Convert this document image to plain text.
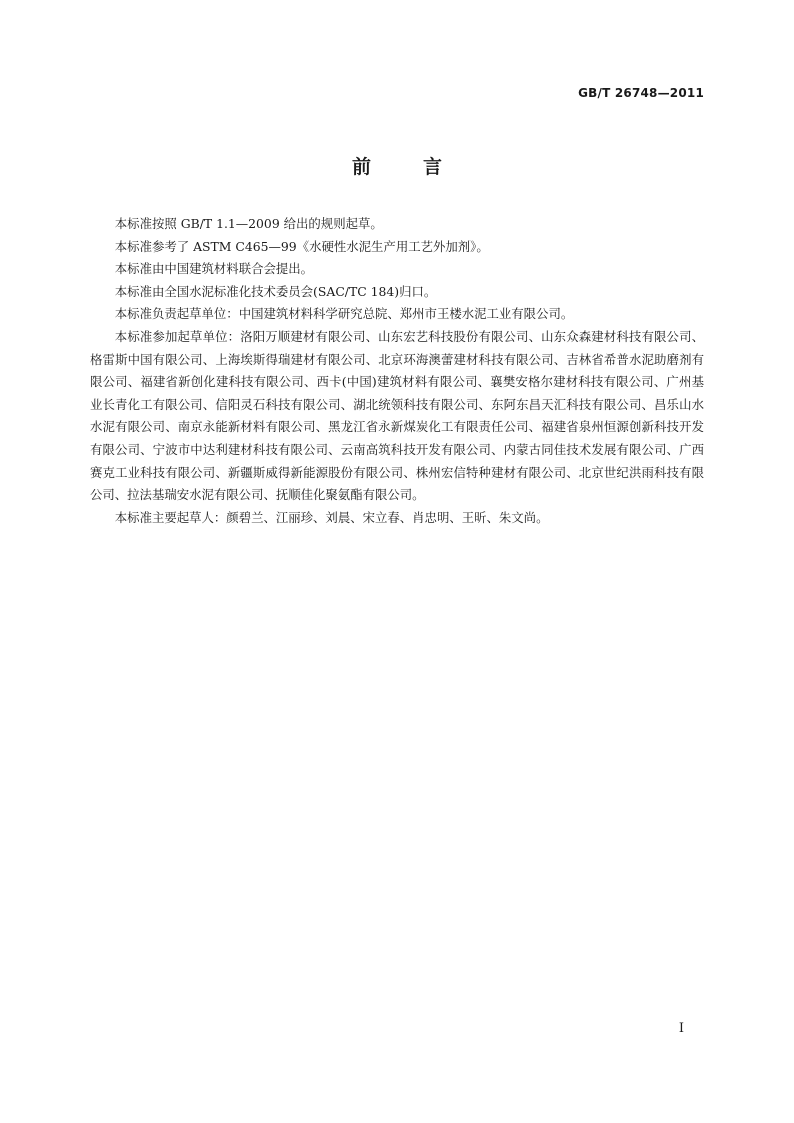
GB/T 26748—2011
前言

本标准按照 GB/T 1.1—2009 给出的规则起草。

本标准参考了 ASTM C465—99《水硬性水泥生产用工艺外加剂》。

本标准由中国建筑材料联合会提出。

本标准由全国水泥标准化技术委员会(SAC/TC 184)归口。

本标准负责起草单位：中国建筑材料科学研究总院、郑州市王楼水泥工业有限公司。

本标准参加起草单位：洛阳万顺建材有限公司、山东宏艺科技股份有限公司、山东众森建材科技有限公司、格雷斯中国有限公司、上海埃斯得瑞建材有限公司、北京环海澳蕾建材科技有限公司、吉林省希普水泥助磨剂有限公司、福建省新创化建科技有限公司、西卡(中国)建筑材料有限公司、襄樊安格尔建材科技有限公司、广州基业长青化工有限公司、信阳灵石科技有限公司、湖北统领科技有限公司、东阿东昌天汇科技有限公司、昌乐山水水泥有限公司、南京永能新材料有限公司、黑龙江省永新煤炭化工有限责任公司、福建省泉州恒源创新科技开发有限公司、宁波市中达利建材科技有限公司、云南高筑科技开发有限公司、内蒙古同佳技术发展有限公司、广西赛克工业科技有限公司、新疆斯威得新能源股份有限公司、株州宏信特种建材有限公司、北京世纪洪雨科技有限公司、拉法基瑞安水泥有限公司、抚顺佳化聚氨酯有限公司。

本标准主要起草人：颜碧兰、江丽珍、刘晨、宋立春、肖忠明、王昕、朱文尚。

I
